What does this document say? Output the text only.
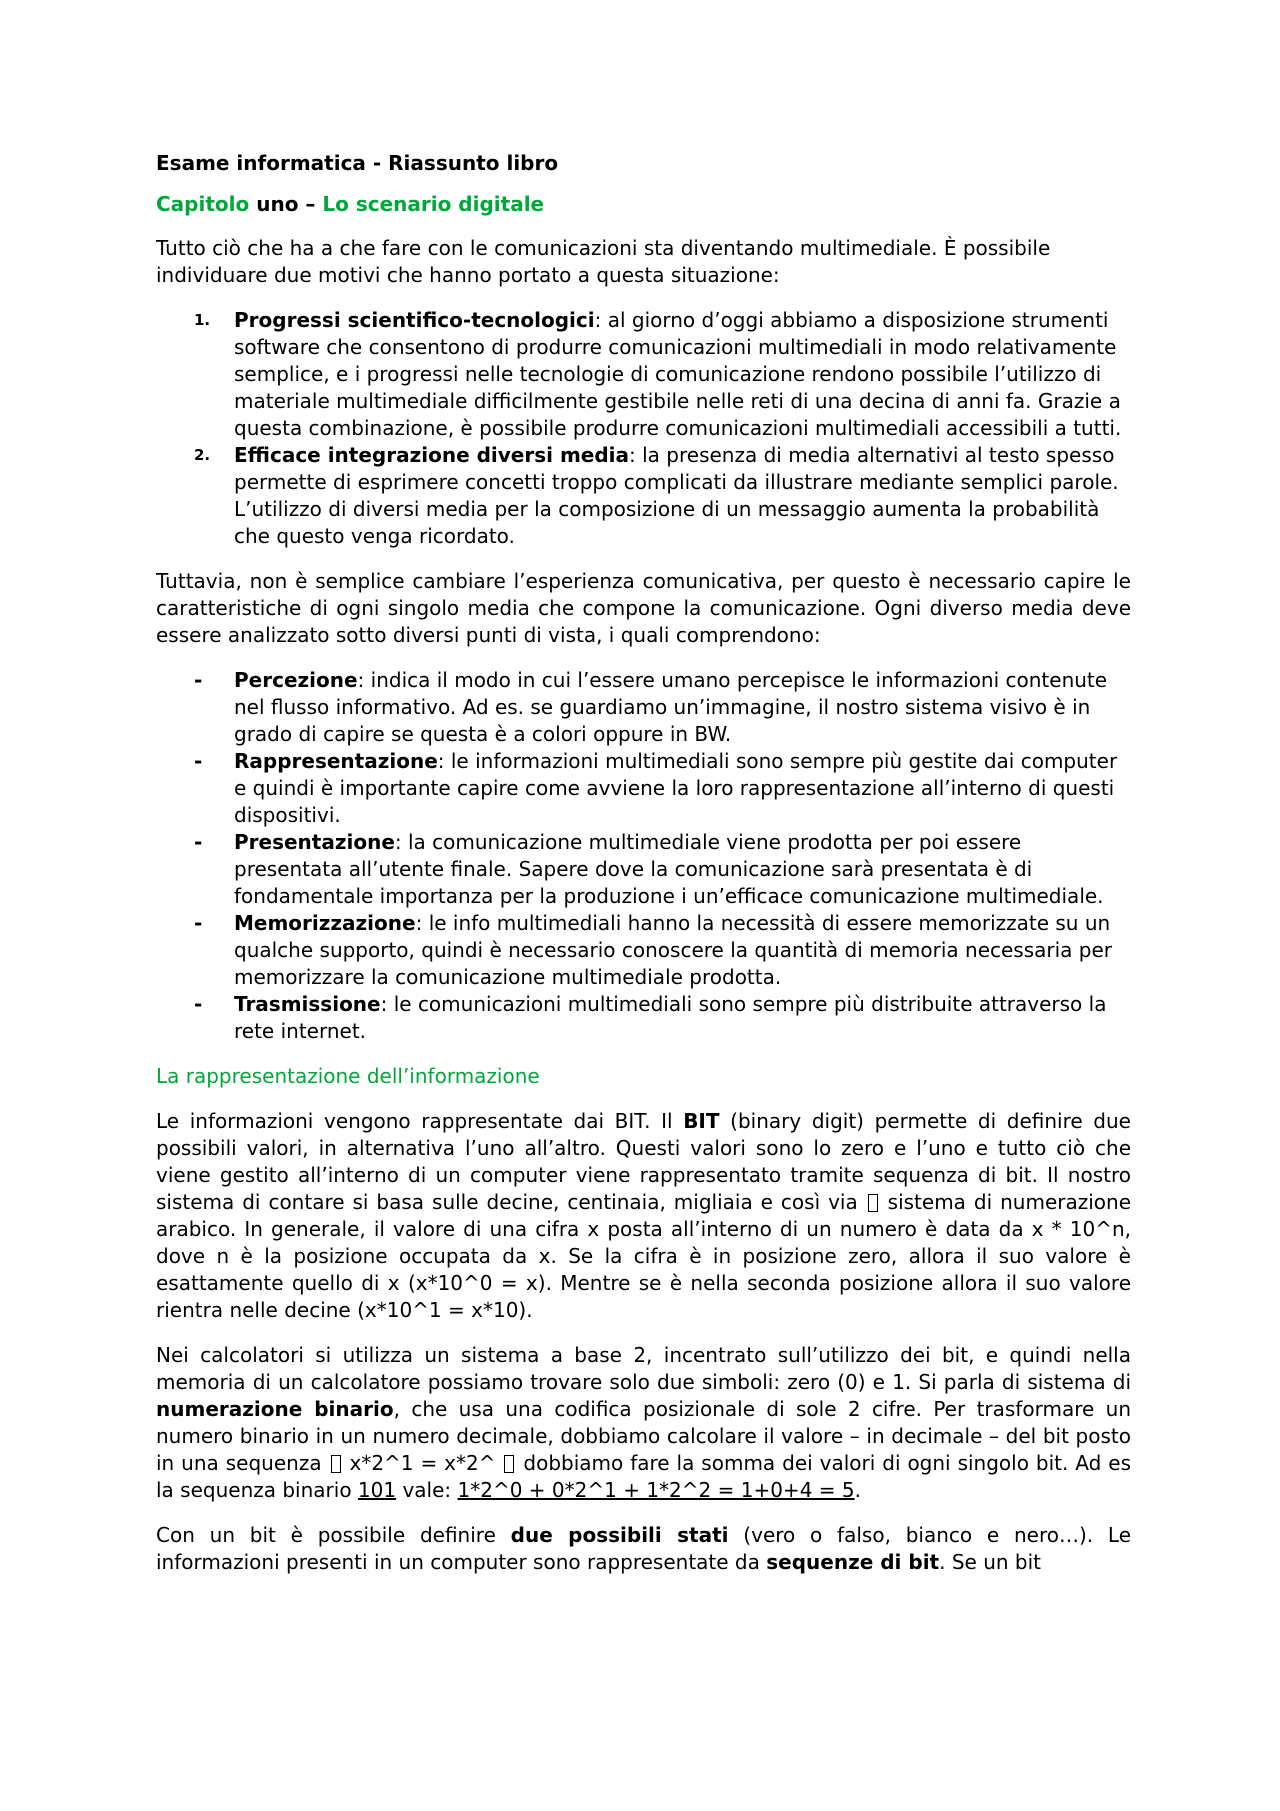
Esame informatica - Riassunto libro
Capitolo uno – Lo scenario digitale

Tutto ciò che ha a che fare con le comunicazioni sta diventando multimediale. È possibile individuare due motivi che hanno portato a questa situazione:

1. Progressi scientifico-tecnologici: al giorno d’oggi abbiamo a disposizione strumenti software che consentono di produrre comunicazioni multimediali in modo relativamente semplice, e i progressi nelle tecnologie di comunicazione rendono possibile l’utilizzo di materiale multimediale difficilmente gestibile nelle reti di una decina di anni fa. Grazie a questa combinazione, è possibile produrre comunicazioni multimediali accessibili a tutti.
2. Efficace integrazione diversi media: la presenza di media alternativi al testo spesso permette di esprimere concetti troppo complicati da illustrare mediante semplici parole. L’utilizzo di diversi media per la composizione di un messaggio aumenta la probabilità che questo venga ricordato.

Tuttavia, non è semplice cambiare l’esperienza comunicativa, per questo è necessario capire le caratteristiche di ogni singolo media che compone la comunicazione. Ogni diverso media deve essere analizzato sotto diversi punti di vista, i quali comprendono:

- Percezione: indica il modo in cui l’essere umano percepisce le informazioni contenute nel flusso informativo. Ad es. se guardiamo un’immagine, il nostro sistema visivo è in grado di capire se questa è a colori oppure in BW.
- Rappresentazione: le informazioni multimediali sono sempre più gestite dai computer e quindi è importante capire come avviene la loro rappresentazione all’interno di questi dispositivi.
- Presentazione: la comunicazione multimediale viene prodotta per poi essere presentata all’utente finale. Sapere dove la comunicazione sarà presentata è di fondamentale importanza per la produzione i un’efficace comunicazione multimediale.
- Memorizzazione: le info multimediali hanno la necessità di essere memorizzate su un qualche supporto, quindi è necessario conoscere la quantità di memoria necessaria per memorizzare la comunicazione multimediale prodotta.
- Trasmissione: le comunicazioni multimediali sono sempre più distribuite attraverso la rete internet.
La rappresentazione dell’informazione

Le informazioni vengono rappresentate dai BIT. Il BIT (binary digit) permette di definire due possibili valori, in alternativa l’uno all’altro. Questi valori sono lo zero e l’uno e tutto ciò che viene gestito all’interno di un computer viene rappresentato tramite sequenza di bit. Il nostro sistema di contare si basa sulle decine, centinaia, migliaia e così via  sistema di numerazione arabico. In generale, il valore di una cifra x posta all’interno di un numero è data da x * 10^n, dove n è la posizione occupata da x. Se la cifra è in posizione zero, allora il suo valore è esattamente quello di x (x*10^0 = x). Mentre se è nella seconda posizione allora il suo valore rientra nelle decine (x*10^1 = x*10).

Nei calcolatori si utilizza un sistema a base 2, incentrato sull’utilizzo dei bit, e quindi nella memoria di un calcolatore possiamo trovare solo due simboli: zero (0) e 1. Si parla di sistema di numerazione binario, che usa una codifica posizionale di sole 2 cifre. Per trasformare un numero binario in un numero decimale, dobbiamo calcolare il valore – in decimale – del bit posto in una sequenza  x*2^1 = x*2^  dobbiamo fare la somma dei valori di ogni singolo bit. Ad es la sequenza binario 101 vale: 1*2^0 + 0*2^1 + 1*2^2 = 1+0+4 = 5.

Con un bit è possibile definire due possibili stati (vero o falso, bianco e nero…). Le informazioni presenti in un computer sono rappresentate da sequenze di bit. Se un bit
